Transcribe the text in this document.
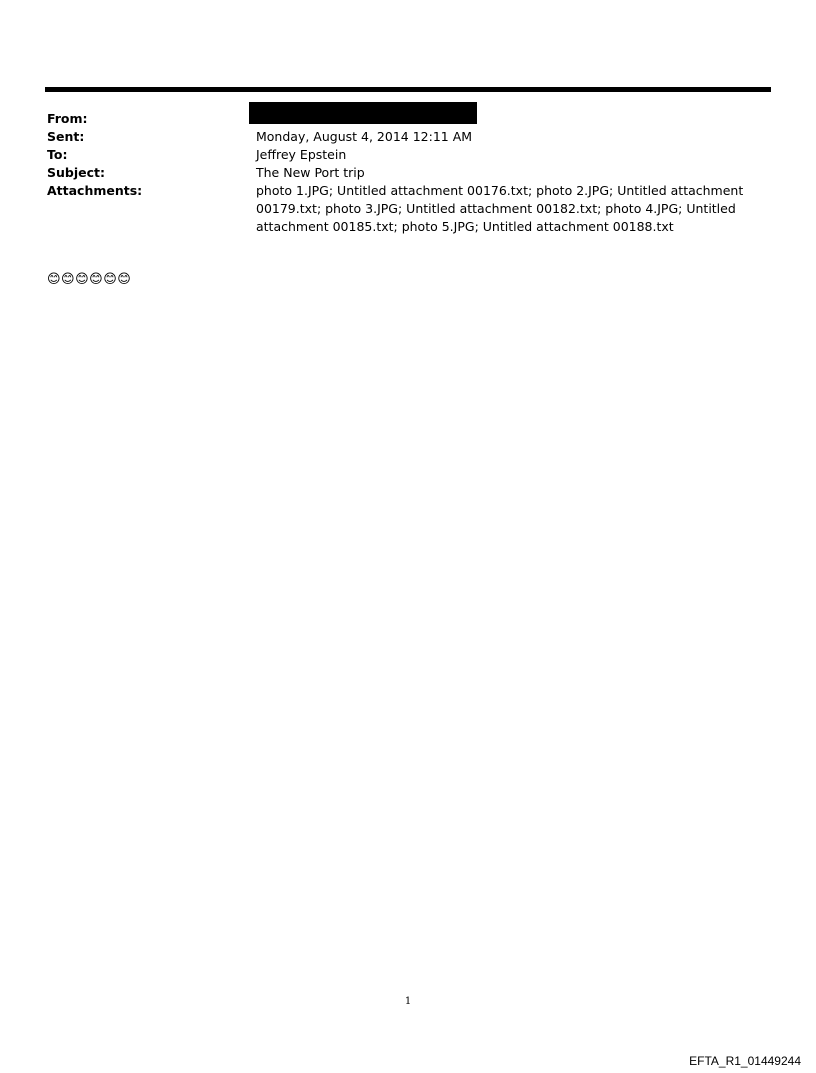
From:
Sent:	Monday, August 4, 2014 12:11 AM
To:	Jeffrey Epstein
Subject:	The New Port trip
Attachments:	photo 1.JPG; Untitled attachment 00176.txt; photo 2.JPG; Untitled attachment 00179.txt; photo 3.JPG; Untitled attachment 00182.txt; photo 4.JPG; Untitled attachment 00185.txt; photo 5.JPG; Untitled attachment 00188.txt
😊😊😊😊😊😊
1
EFTA_R1_01449244
